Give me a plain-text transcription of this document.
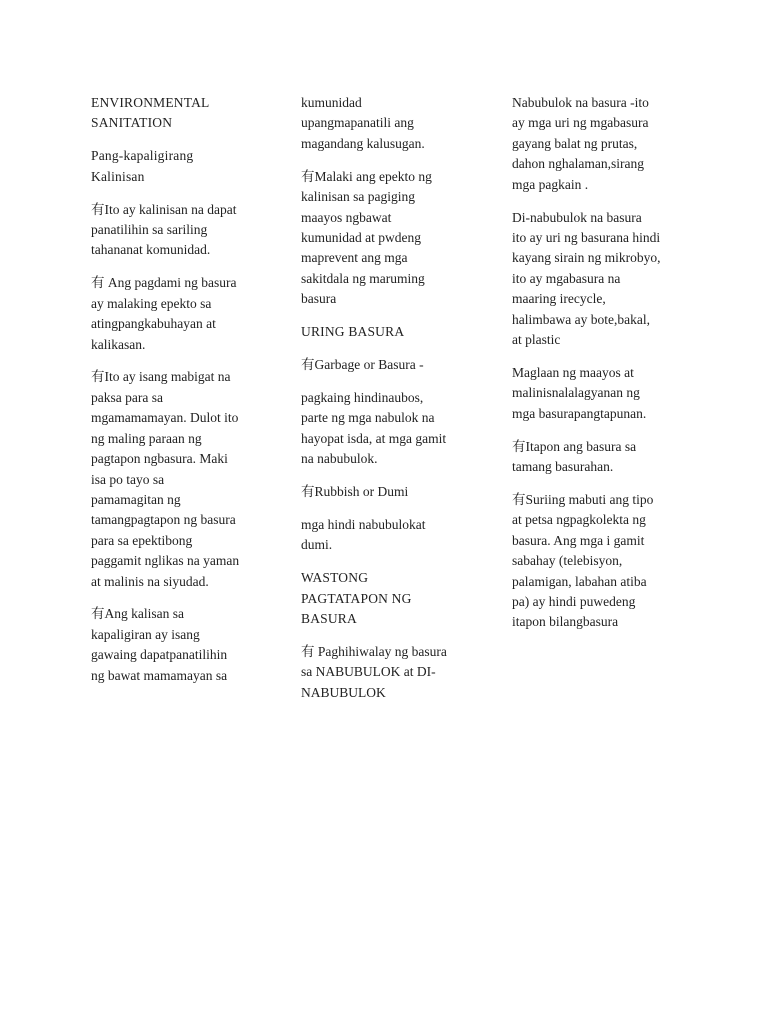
ENVIRONMENTAL
SANITATION

Pang-kapaligirang
Kalinisan

有Ito ay kalinisan na dapat
panatilihin sa sariling
tahananat komunidad.

有 Ang pagdami ng basura
ay malaking epekto sa
atingpangkabuhayan at
kalikasan.

有Ito ay isang mabigat na
paksa para sa
mgamamamayan. Dulot ito
ng maling paraan ng
pagtapon ngbasura. Maki
isa po tayo sa
pamamagitan ng
tamangpagtapon ng basura
para sa epektibong
paggamit nglikas na yaman
at malinis na siyudad.

有Ang kalisan sa
kapaligiran ay isang
gawaing dapatpanatilihin
ng bawat mamamayan sa

kumunidad
upangmapanatili ang
magandang kalusugan.

有Malaki ang epekto ng
kalinisan sa pagiging
maayos ngbawat
kumunidad at pwdeng
maprevent ang mga
sakitdala ng maruming
basura

URING BASURA

有Garbage or Basura -

pagkaing hindinaubos,
parte ng mga nabulok na
hayopat isda, at mga gamit
na nabubulok.

有Rubbish or Dumi

mga hindi nabubulokat
dumi.

WASTONG
PAGTATAPON NG
BASURA

有 Paghihiwalay ng basura
sa NABUBULOK at DI-
NABUBULOK

Nabubulok na basura -ito
ay mga uri ng mgabasura
gayang balat ng prutas,
dahon nghalaman,sirang
mga pagkain .

Di-nabubulok na basura
ito ay uri ng basurana hindi
kayang sirain ng mikrobyo,
ito ay mgabasura na
maaring irecycle,
halimbawa ay bote,bakal,
at plastic

Maglaan ng maayos at
malinisnalalagyanan ng
mga basurapangtapunan.

有Itapon ang basura sa
tamang basurahan.

有Suriing mabuti ang tipo
at petsa ngpagkolekta ng
basura. Ang mga i gamit
sabahay (telebisyon,
palamigan, labahan atiba
pa) ay hindi puwedeng
itapon bilangbasura
